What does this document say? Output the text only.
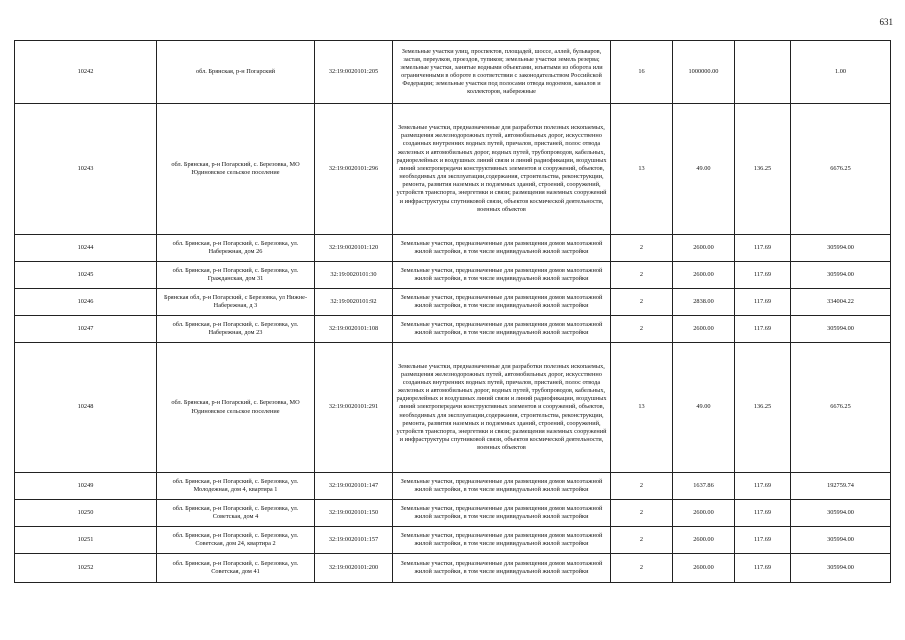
631
10242	обл. Брянская, р-н Погарский	32:19:0020101:205	Земельные участки улиц, проспектов, площадей, шоссе, аллей, бульваров, застав, переулков, проездов, тупиков; земельные участки земель резерва; земельные участки, занятые водными объектами, изъятыми из оборота или ограниченными в обороте в соответствии с законодательством Российской Федерации; земельные участки под полосами отвода водоемов, каналов и коллекторов, набережные	16	1000000.00		1.00
10243	обл. Брянская, р-н Погарский, с. Березовка, МО Юдиновское сельское поселение	32:19:0020101:296	Земельные участки, предназначенные для разработки полезных ископаемых, размещения железнодорожных путей, автомобильных дорог, искусственно созданных внутренних водных путей, причалов, пристаней, полос отвода железных и автомобильных дорог, водных путей, трубопроводов, кабельных, радиорелейных и воздушных линий связи и линий радиофикации, воздушных линий электропередачи конструктивных элементов и сооружений, объектов, необходимых для эксплуатации,содержания, строительства, реконструкции, ремонта, развития наземных и подземных зданий, строений, сооружений, устройств транспорта, энергетики и связи; размещения наземных сооружений и инфраструктуры спутниковой связи, объектов космической деятельности, военных объектов	13	49.00	136.25	6676.25
10244	обл. Брянская, р-н Погарский, с. Березовка, ул. Набережная, дом 26	32:19:0020101:120	Земельные участки, предназначенные для размещения домов малоэтажной жилой застройки, в том числе индивидуальной жилой застройки	2	2600.00	117.69	305994.00
10245	обл. Брянская, р-н Погарский, с. Березовка, ул. Гражданская, дом 31	32:19:0020101:30	Земельные участки, предназначенные для размещения домов малоэтажной жилой застройки, в том числе индивидуальной жилой застройки	2	2600.00	117.69	305994.00
10246	Брянская обл, р-н Погарский, с Березовка, ул Нижне-Набережная, д 3	32:19:0020101:92	Земельные участки, предназначенные для размещения домов малоэтажной жилой застройки, в том числе индивидуальной жилой застройки	2	2838.00	117.69	334004.22
10247	обл. Брянская, р-н Погарский, с. Березовка, ул. Набережная, дом 23	32:19:0020101:108	Земельные участки, предназначенные для размещения домов малоэтажной жилой застройки, в том числе индивидуальной жилой застройки	2	2600.00	117.69	305994.00
10248	обл. Брянская, р-н Погарский, с. Березовка, МО Юдиновское сельское поселение	32:19:0020101:291	Земельные участки, предназначенные для разработки полезных ископаемых, размещения железнодорожных путей, автомобильных дорог, искусственно созданных внутренних водных путей, причалов, пристаней, полос отвода железных и автомобильных дорог, водных путей, трубопроводов, кабельных, радиорелейных и воздушных линий связи и линий радиофикации, воздушных линий электропередачи конструктивных элементов и сооружений, объектов, необходимых для эксплуатации,содержания, строительства, реконструкции, ремонта, развития наземных и подземных зданий, строений, сооружений, устройств транспорта, энергетики и связи; размещения наземных сооружений и инфраструктуры спутниковой связи, объектов космической деятельности, военных объектов	13	49.00	136.25	6676.25
10249	обл. Брянская, р-н Погарский, с. Березовка, ул. Молодежная, дом 4, квартира 1	32:19:0020101:147	Земельные участки, предназначенные для размещения домов малоэтажной жилой застройки, в том числе индивидуальной жилой застройки	2	1637.86	117.69	192759.74
10250	обл. Брянская, р-н Погарский, с. Березовка, ул. Советская, дом 4	32:19:0020101:150	Земельные участки, предназначенные для размещения домов малоэтажной жилой застройки, в том числе индивидуальной жилой застройки	2	2600.00	117.69	305994.00
10251	обл. Брянская, р-н Погарский, с. Березовка, ул. Советская, дом 24, квартира 2	32:19:0020101:157	Земельные участки, предназначенные для размещения домов малоэтажной жилой застройки, в том числе индивидуальной жилой застройки	2	2600.00	117.69	305994.00
10252	обл. Брянская, р-н Погарский, с. Березовка, ул. Советская, дом 41	32:19:0020101:200	Земельные участки, предназначенные для размещения домов малоэтажной жилой застройки, в том числе индивидуальной жилой застройки	2	2600.00	117.69	305994.00
